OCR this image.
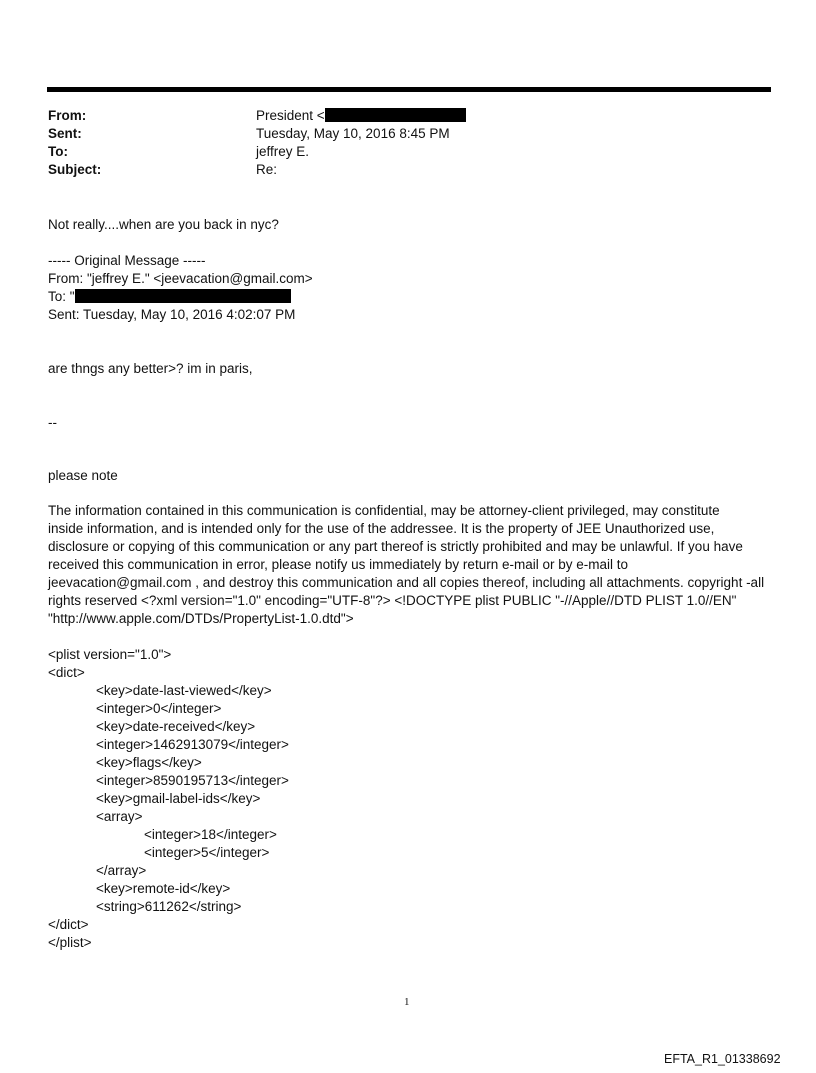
From:	President <
Sent:	Tuesday, May 10, 2016 8:45 PM
To:	jeffrey E.
Subject:	Re:
Not really....when are you back in nyc?
----- Original Message -----
From: "jeffrey E." <jeevacation@gmail.com>
To: "
Sent: Tuesday, May 10, 2016 4:02:07 PM
are thngs any better>? im in paris,
--
please note
The information contained in this communication is confidential, may be attorney-client privileged, may constitute
inside information, and is intended only for the use of the addressee. It is the property of JEE Unauthorized use,
disclosure or copying of this communication or any part thereof is strictly prohibited and may be unlawful. If you have
received this communication in error, please notify us immediately by return e-mail or by e-mail to
jeevacation@gmail.com , and destroy this communication and all copies thereof, including all attachments. copyright -all
rights reserved <?xml version="1.0" encoding="UTF-8"?> <!DOCTYPE plist PUBLIC "-//Apple//DTD PLIST 1.0//EN"
"http://www.apple.com/DTDs/PropertyList-1.0.dtd">
<plist version="1.0">
<dict>
<key>date-last-viewed</key>
<integer>0</integer>
<key>date-received</key>
<integer>1462913079</integer>
<key>flags</key>
<integer>8590195713</integer>
<key>gmail-label-ids</key>
<array>
<integer>18</integer>
<integer>5</integer>
</array>
<key>remote-id</key>
<string>611262</string>
</dict>
</plist>
1
EFTA_R1_01338692
